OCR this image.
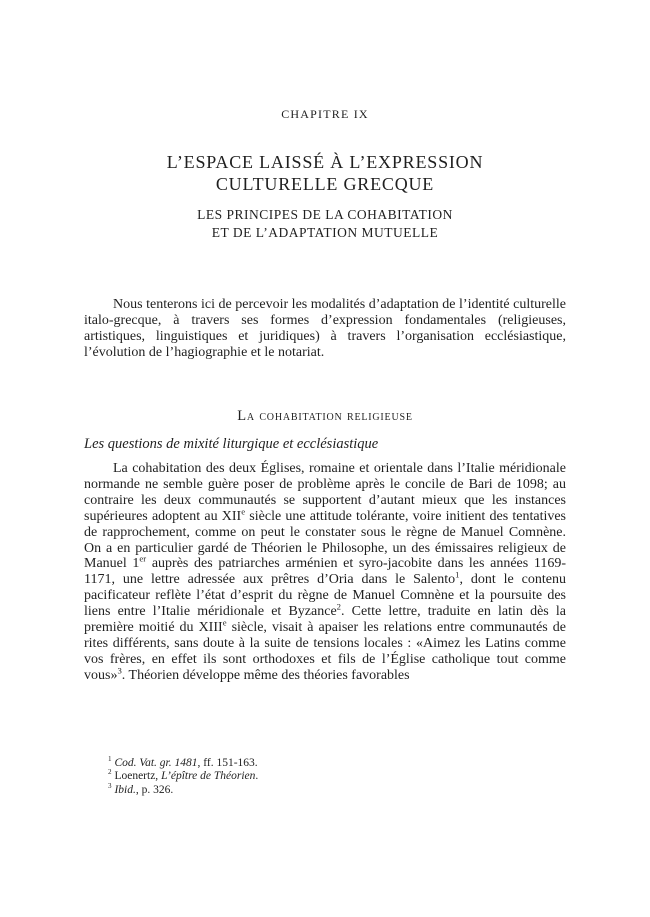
CHAPITRE IX
L’ESPACE LAISSÉ À L’EXPRESSION
CULTURELLE GRECQUE
LES PRINCIPES DE LA COHABITATION
ET DE L’ADAPTATION MUTUELLE
Nous tenterons ici de percevoir les modalités d’adaptation de l’identité culturelle italo-grecque, à travers ses formes d’expression fondamentales (religieuses, artistiques, linguistiques et juridiques) à travers l’organisation ecclésiastique, l’évolution de l’hagiographie et le notariat.
La cohabitation religieuse
Les questions de mixité liturgique et ecclésiastique
La cohabitation des deux Églises, romaine et orientale dans l’Italie méridionale normande ne semble guère poser de problème après le concile de Bari de 1098; au contraire les deux communautés se supportent d’autant mieux que les instances supérieures adoptent au XIIe siècle une attitude tolérante, voire initient des tentatives de rapprochement, comme on peut le constater sous le règne de Manuel Comnène. On a en particulier gardé de Théorien le Philosophe, un des émissaires religieux de Manuel 1er auprès des patriarches arménien et syro-jacobite dans les années 1169-1171, une lettre adressée aux prêtres d’Oria dans le Salento$^1$, dont le contenu pacificateur reflète l’état d’esprit du règne de Manuel Comnène et la poursuite des liens entre l’Italie méridionale et Byzance$^2$. Cette lettre, traduite en latin dès la première moitié du XIIIe siècle, visait à apaiser les relations entre communautés de rites différents, sans doute à la suite de tensions locales : «Aimez les Latins comme vos frères, en effet ils sont orthodoxes et fils de l’Église catholique tout comme vous»$^3$. Théorien développe même des théories favorables
$^1$ Cod. Vat. gr. 1481, ff. 151-163.
$^2$ Loenertz, L’épître de Théorien.
$^3$ Ibid., p. 326.
